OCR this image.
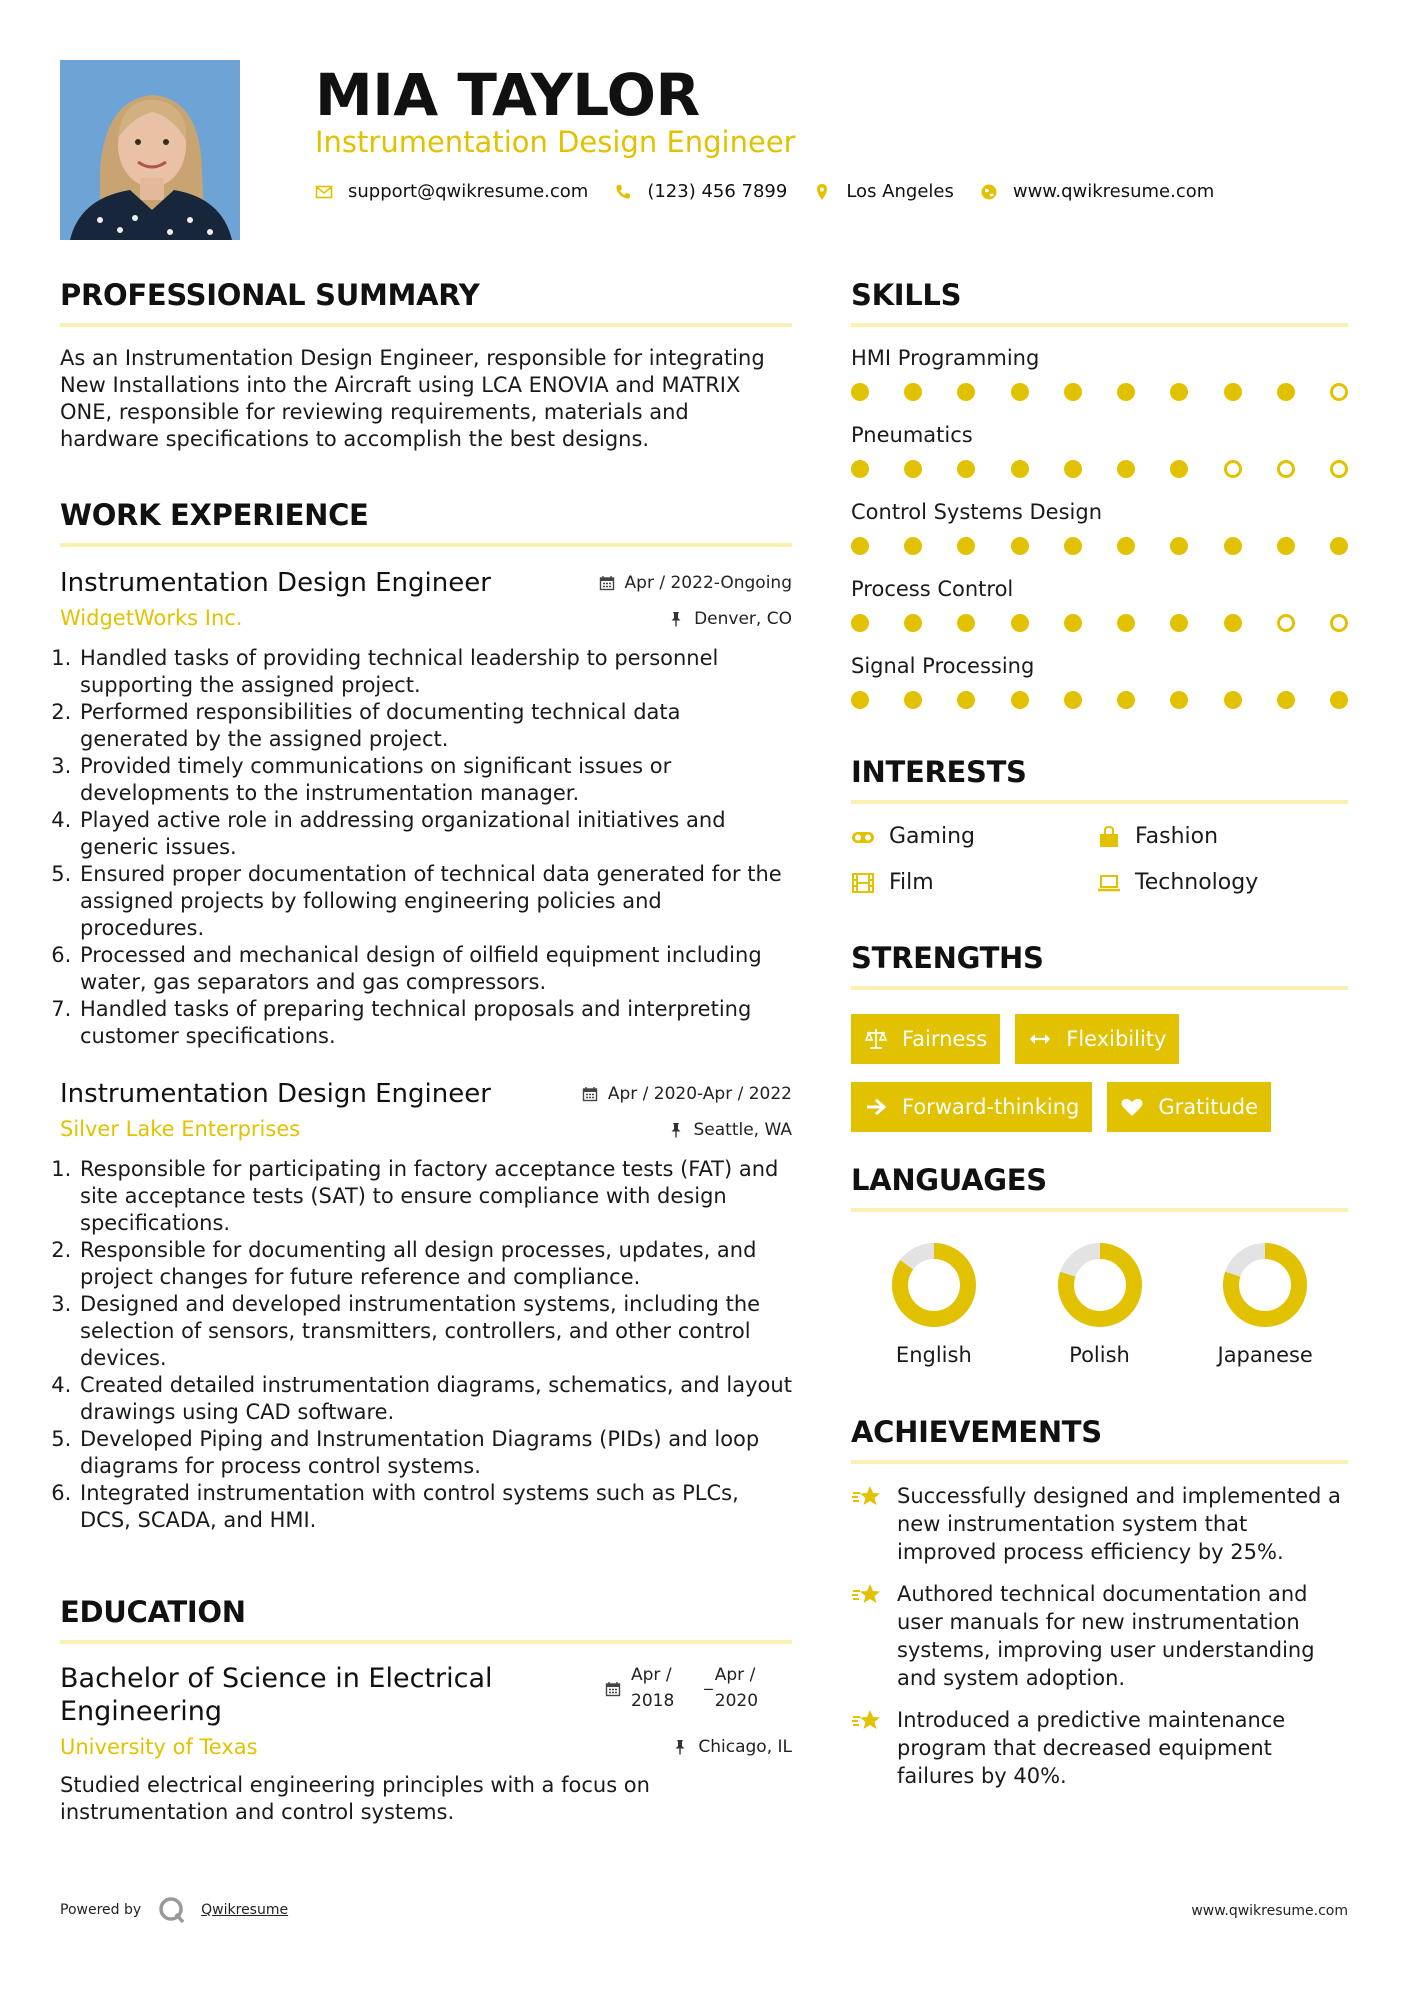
MIA TAYLOR
Instrumentation Design Engineer
support@qwikresume.com	(123) 456 7899	Los Angeles	www.qwikresume.com
PROFESSIONAL SUMMARY

As an Instrumentation Design Engineer, responsible for integrating New Installations into the Aircraft using LCA ENOVIA and MATRIX ONE, responsible for reviewing requirements, materials and hardware specifications to accomplish the best designs.

WORK EXPERIENCE
Instrumentation Design Engineer
WidgetWorks Inc.
Apr / 2022-Ongoing
Denver, CO
1. Handled tasks of providing technical leadership to personnel supporting the assigned project.
2. Performed responsibilities of documenting technical data generated by the assigned project.
3. Provided timely communications on significant issues or developments to the instrumentation manager.
4. Played active role in addressing organizational initiatives and generic issues.
5. Ensured proper documentation of technical data generated for the assigned projects by following engineering policies and procedures.
6. Processed and mechanical design of oilfield equipment including water, gas separators and gas compressors.
7. Handled tasks of preparing technical proposals and interpreting customer specifications.
Instrumentation Design Engineer
Silver Lake Enterprises
Apr / 2020-Apr / 2022
Seattle, WA
1. Responsible for participating in factory acceptance tests (FAT) and site acceptance tests (SAT) to ensure compliance with design specifications.
2. Responsible for documenting all design processes, updates, and project changes for future reference and compliance.
3. Designed and developed instrumentation systems, including the selection of sensors, transmitters, controllers, and other control devices.
4. Created detailed instrumentation diagrams, schematics, and layout drawings using CAD software.
5. Developed Piping and Instrumentation Diagrams (PIDs) and loop diagrams for process control systems.
6. Integrated instrumentation with control systems such as PLCs, DCS, SCADA, and HMI.
EDUCATION
Bachelor of Science in Electrical Engineering
University of Texas
Apr /
2018
_ Apr /
2020
Chicago, IL

Studied electrical engineering principles with a focus on instrumentation and control systems.

SKILLS
HMI Programming
Pneumatics
Control Systems Design
Process Control
Signal Processing
INTERESTS
Gaming	Fashion
Film	Technology
STRENGTHS
Fairness	Flexibility
Forward-thinking	Gratitude
LANGUAGES
English	Polish	Japanese
ACHIEVEMENTS
Successfully designed and implemented a new instrumentation system that improved process efficiency by 25%.
Authored technical documentation and user manuals for new instrumentation systems, improving user understanding and system adoption.
Introduced a predictive maintenance program that decreased equipment failures by 40%.
Powered by	Qwikresume	www.qwikresume.com
